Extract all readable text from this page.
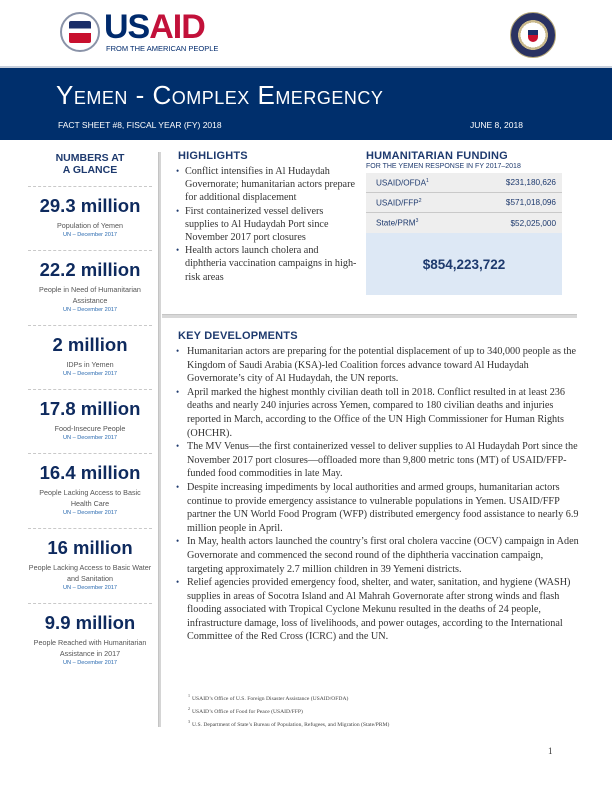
USAID
FROM THE AMERICAN PEOPLE
Yemen - Complex Emergency
FACT SHEET #8, FISCAL YEAR (FY) 2018	JUNE 8, 2018
NUMBERS AT
A GLANCE
29.3 million
Population of Yemen
UN – December 2017
22.2 million
People in Need of Humanitarian Assistance
UN – December 2017
2 million
IDPs in Yemen
UN – December 2017
17.8 million
Food-Insecure People
UN – December 2017
16.4 million
People Lacking Access to Basic Health Care
UN – December 2017
16 million
People Lacking Access to Basic Water and Sanitation
UN – December 2017
9.9 million
People Reached with Humanitarian Assistance in 2017
UN – December 2017
HIGHLIGHTS
• Conflict intensifies in Al Hudaydah Governorate; humanitarian actors prepare for additional displacement
• First containerized vessel delivers supplies to Al Hudaydah Port since November 2017 port closures
• Health actors launch cholera and diphtheria vaccination campaigns in high-risk areas
HUMANITARIAN FUNDING
FOR THE YEMEN RESPONSE IN FY 2017–2018
USAID/OFDA$^1$	$231,180,626
USAID/FFP$^2$	$571,018,096
State/PRM$^3$	$52,025,000
$854,223,722
KEY DEVELOPMENTS
• Humanitarian actors are preparing for the potential displacement of up to 340,000 people as the Kingdom of Saudi Arabia (KSA)-led Coalition forces advance toward Al Hudaydah Governorate’s city of Al Hudaydah, the UN reports.
• April marked the highest monthly civilian death toll in 2018. Conflict resulted in at least 236 deaths and nearly 240 injuries across Yemen, compared to 180 civilian deaths and injuries reported in March, according to the Office of the UN High Commissioner for Human Rights (OHCHR).
• The MV Venus—the first containerized vessel to deliver supplies to Al Hudaydah Port since the November 2017 port closures—offloaded more than 9,800 metric tons (MT) of USAID/FFP-funded food commodities in late May.
• Despite increasing impediments by local authorities and armed groups, humanitarian actors continue to provide emergency assistance to vulnerable populations in Yemen. USAID/FFP partner the UN World Food Program (WFP) distributed emergency food assistance to nearly 6.9 million people in April.
• In May, health actors launched the country’s first oral cholera vaccine (OCV) campaign in Aden Governorate and commenced the second round of the diphtheria vaccination campaign, targeting approximately 2.7 million children in 39 Yemeni districts.
• Relief agencies provided emergency food, shelter, and water, sanitation, and hygiene (WASH) supplies in areas of Socotra Island and Al Mahrah Governorate after strong winds and flash flooding associated with Tropical Cyclone Mekunu resulted in the deaths of 24 people, infrastructure damage, loss of livelihoods, and power outages, according to the International Committee of the Red Cross (ICRC) and the UN.
$^1$USAID’s Office of U.S. Foreign Disaster Assistance (USAID/OFDA)
$^2$USAID’s Office of Food for Peace (USAID/FFP)
$^3$U.S. Department of State’s Bureau of Population, Refugees, and Migration (State/PRM)
1
